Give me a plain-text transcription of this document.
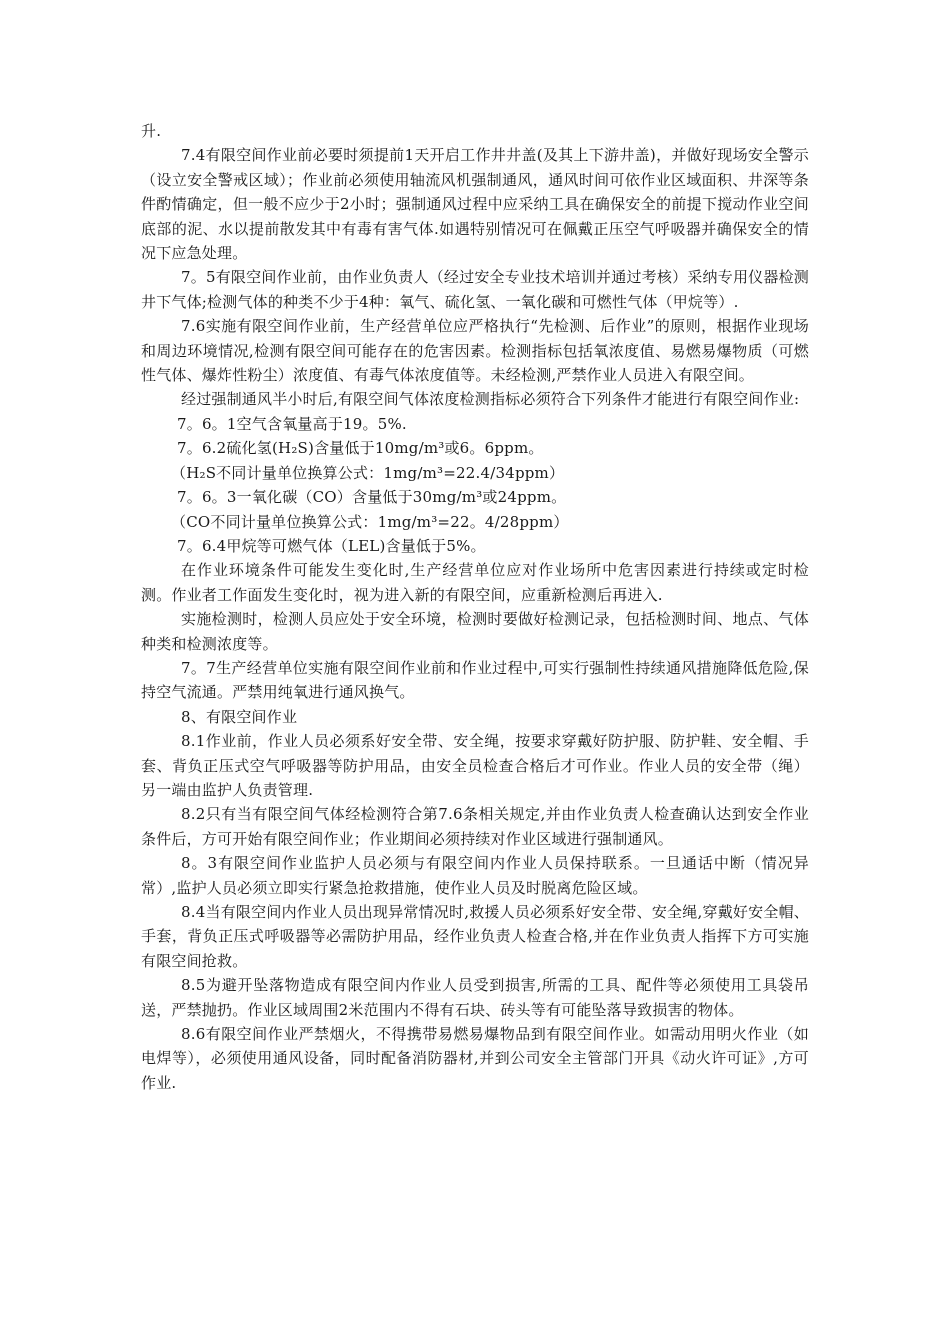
升.

7.4有限空间作业前必要时须提前1天开启工作井井盖(及其上下游井盖)，并做好现场安全警示（设立安全警戒区域）；作业前必须使用轴流风机强制通风，通风时间可依作业区域面积、井深等条件酌情确定，但一般不应少于2小时；强制通风过程中应采纳工具在确保安全的前提下搅动作业空间底部的泥、水以提前散发其中有毒有害气体.如遇特别情况可在佩戴正压空气呼吸器并确保安全的情况下应急处理。

7。5有限空间作业前，由作业负责人（经过安全专业技术培训并通过考核）采纳专用仪器检测井下气体;检测气体的种类不少于4种：氧气、硫化氢、一氧化碳和可燃性气体（甲烷等）.

7.6实施有限空间作业前，生产经营单位应严格执行“先检测、后作业”的原则，根据作业现场和周边环境情况,检测有限空间可能存在的危害因素。检测指标包括氧浓度值、易燃易爆物质（可燃性气体、爆炸性粉尘）浓度值、有毒气体浓度值等。未经检测,严禁作业人员进入有限空间。

经过强制通风半小时后,有限空间气体浓度检测指标必须符合下列条件才能进行有限空间作业:

7。6。1空气含氧量高于19。5%.

7。6.2硫化氢(H₂S)含量低于10mg/m³或6。6ppm。

（H₂S不同计量单位换算公式：1mg/m³=22.4/34ppm）

7。6。3一氧化碳（CO）含量低于30mg/m³或24ppm。

（CO不同计量单位换算公式：1mg/m³=22。4/28ppm）

7。6.4甲烷等可燃气体（LEL)含量低于5%。

在作业环境条件可能发生变化时,生产经营单位应对作业场所中危害因素进行持续或定时检测。作业者工作面发生变化时，视为进入新的有限空间，应重新检测后再进入.

实施检测时，检测人员应处于安全环境，检测时要做好检测记录，包括检测时间、地点、气体种类和检测浓度等。

7。7生产经营单位实施有限空间作业前和作业过程中,可实行强制性持续通风措施降低危险,保持空气流通。严禁用纯氧进行通风换气。

8、有限空间作业

8.1作业前，作业人员必须系好安全带、安全绳，按要求穿戴好防护服、防护鞋、安全帽、手套、背负正压式空气呼吸器等防护用品，由安全员检查合格后才可作业。作业人员的安全带（绳）另一端由监护人负责管理.

8.2只有当有限空间气体经检测符合第7.6条相关规定,并由作业负责人检查确认达到安全作业条件后，方可开始有限空间作业；作业期间必须持续对作业区域进行强制通风。

8。3有限空间作业监护人员必须与有限空间内作业人员保持联系。一旦通话中断（情况异常）,监护人员必须立即实行紧急抢救措施，使作业人员及时脱离危险区域。

8.4当有限空间内作业人员出现异常情况时,救援人员必须系好安全带、安全绳,穿戴好安全帽、手套，背负正压式呼吸器等必需防护用品，经作业负责人检查合格,并在作业负责人指挥下方可实施有限空间抢救。

8.5为避开坠落物造成有限空间内作业人员受到损害,所需的工具、配件等必须使用工具袋吊送，严禁抛扔。作业区域周围2米范围内不得有石块、砖头等有可能坠落导致损害的物体。

8.6有限空间作业严禁烟火，不得携带易燃易爆物品到有限空间作业。如需动用明火作业（如电焊等），必须使用通风设备，同时配备消防器材,并到公司安全主管部门开具《动火许可证》,方可作业.
